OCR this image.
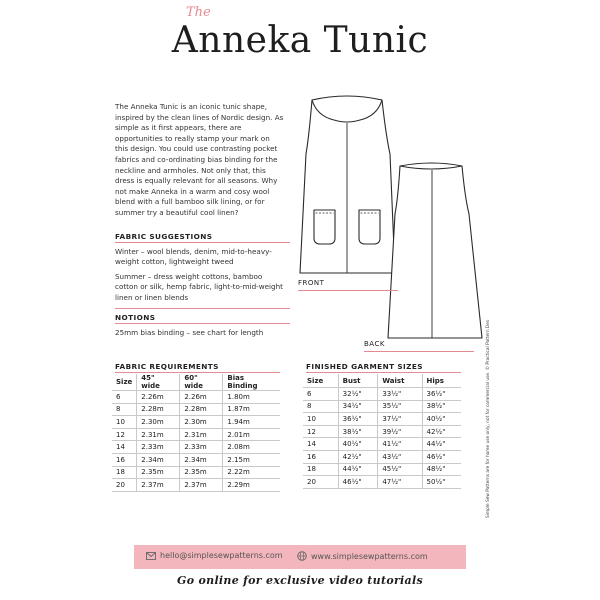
The
Anneka Tunic
The Anneka Tunic is an iconic tunic shape, inspired by the clean lines of Nordic design. As simple as it first appears, there are opportunities to really stamp your mark on this design. You could use contrasting pocket fabrics and co-ordinating bias binding for the neckline and armholes. Not only that, this dress is equally relevant for all seasons. Why not make Anneka in a warm and cosy wool blend with a full bamboo silk lining, or for summer try a beautiful cool linen?
FABRIC SUGGESTIONS
Winter – wool blends, denim, mid-to-heavy-weight cotton, lightweight tweed
Summer – dress weight cottons, bamboo cotton or silk, hemp fabric, light-to-mid-weight linen or linen blends
NOTIONS
25mm bias binding – see chart for length
FRONT
BACK	Simple Sew Patterns are for home use only, not for commercial use. © Practical Pattern Designs Ltd
FABRIC REQUIREMENTS
Size	45" wide	60" wide	Bias Binding
6	2.26m	2.26m	1.80m
8	2.28m	2.28m	1.87m
10	2.30m	2.30m	1.94m
12	2.31m	2.31m	2.01m
14	2.33m	2.33m	2.08m
16	2.34m	2.34m	2.15m
18	2.35m	2.35m	2.22m
20	2.37m	2.37m	2.29m
FINISHED GARMENT SIZES
Size	Bust	Waist	Hips
6	32½"	33½"	36½"
8	34½"	35½"	38½"
10	36½"	37½"	40½"
12	38½"	39½"	42½"
14	40½"	41½"	44½"
16	42½"	43½"	46½"
18	44½"	45½"	48½"
20	46½"	47½"	50½"
hello@simplesewpatterns.com	www.simplesewpatterns.com
Go online for exclusive video tutorials
